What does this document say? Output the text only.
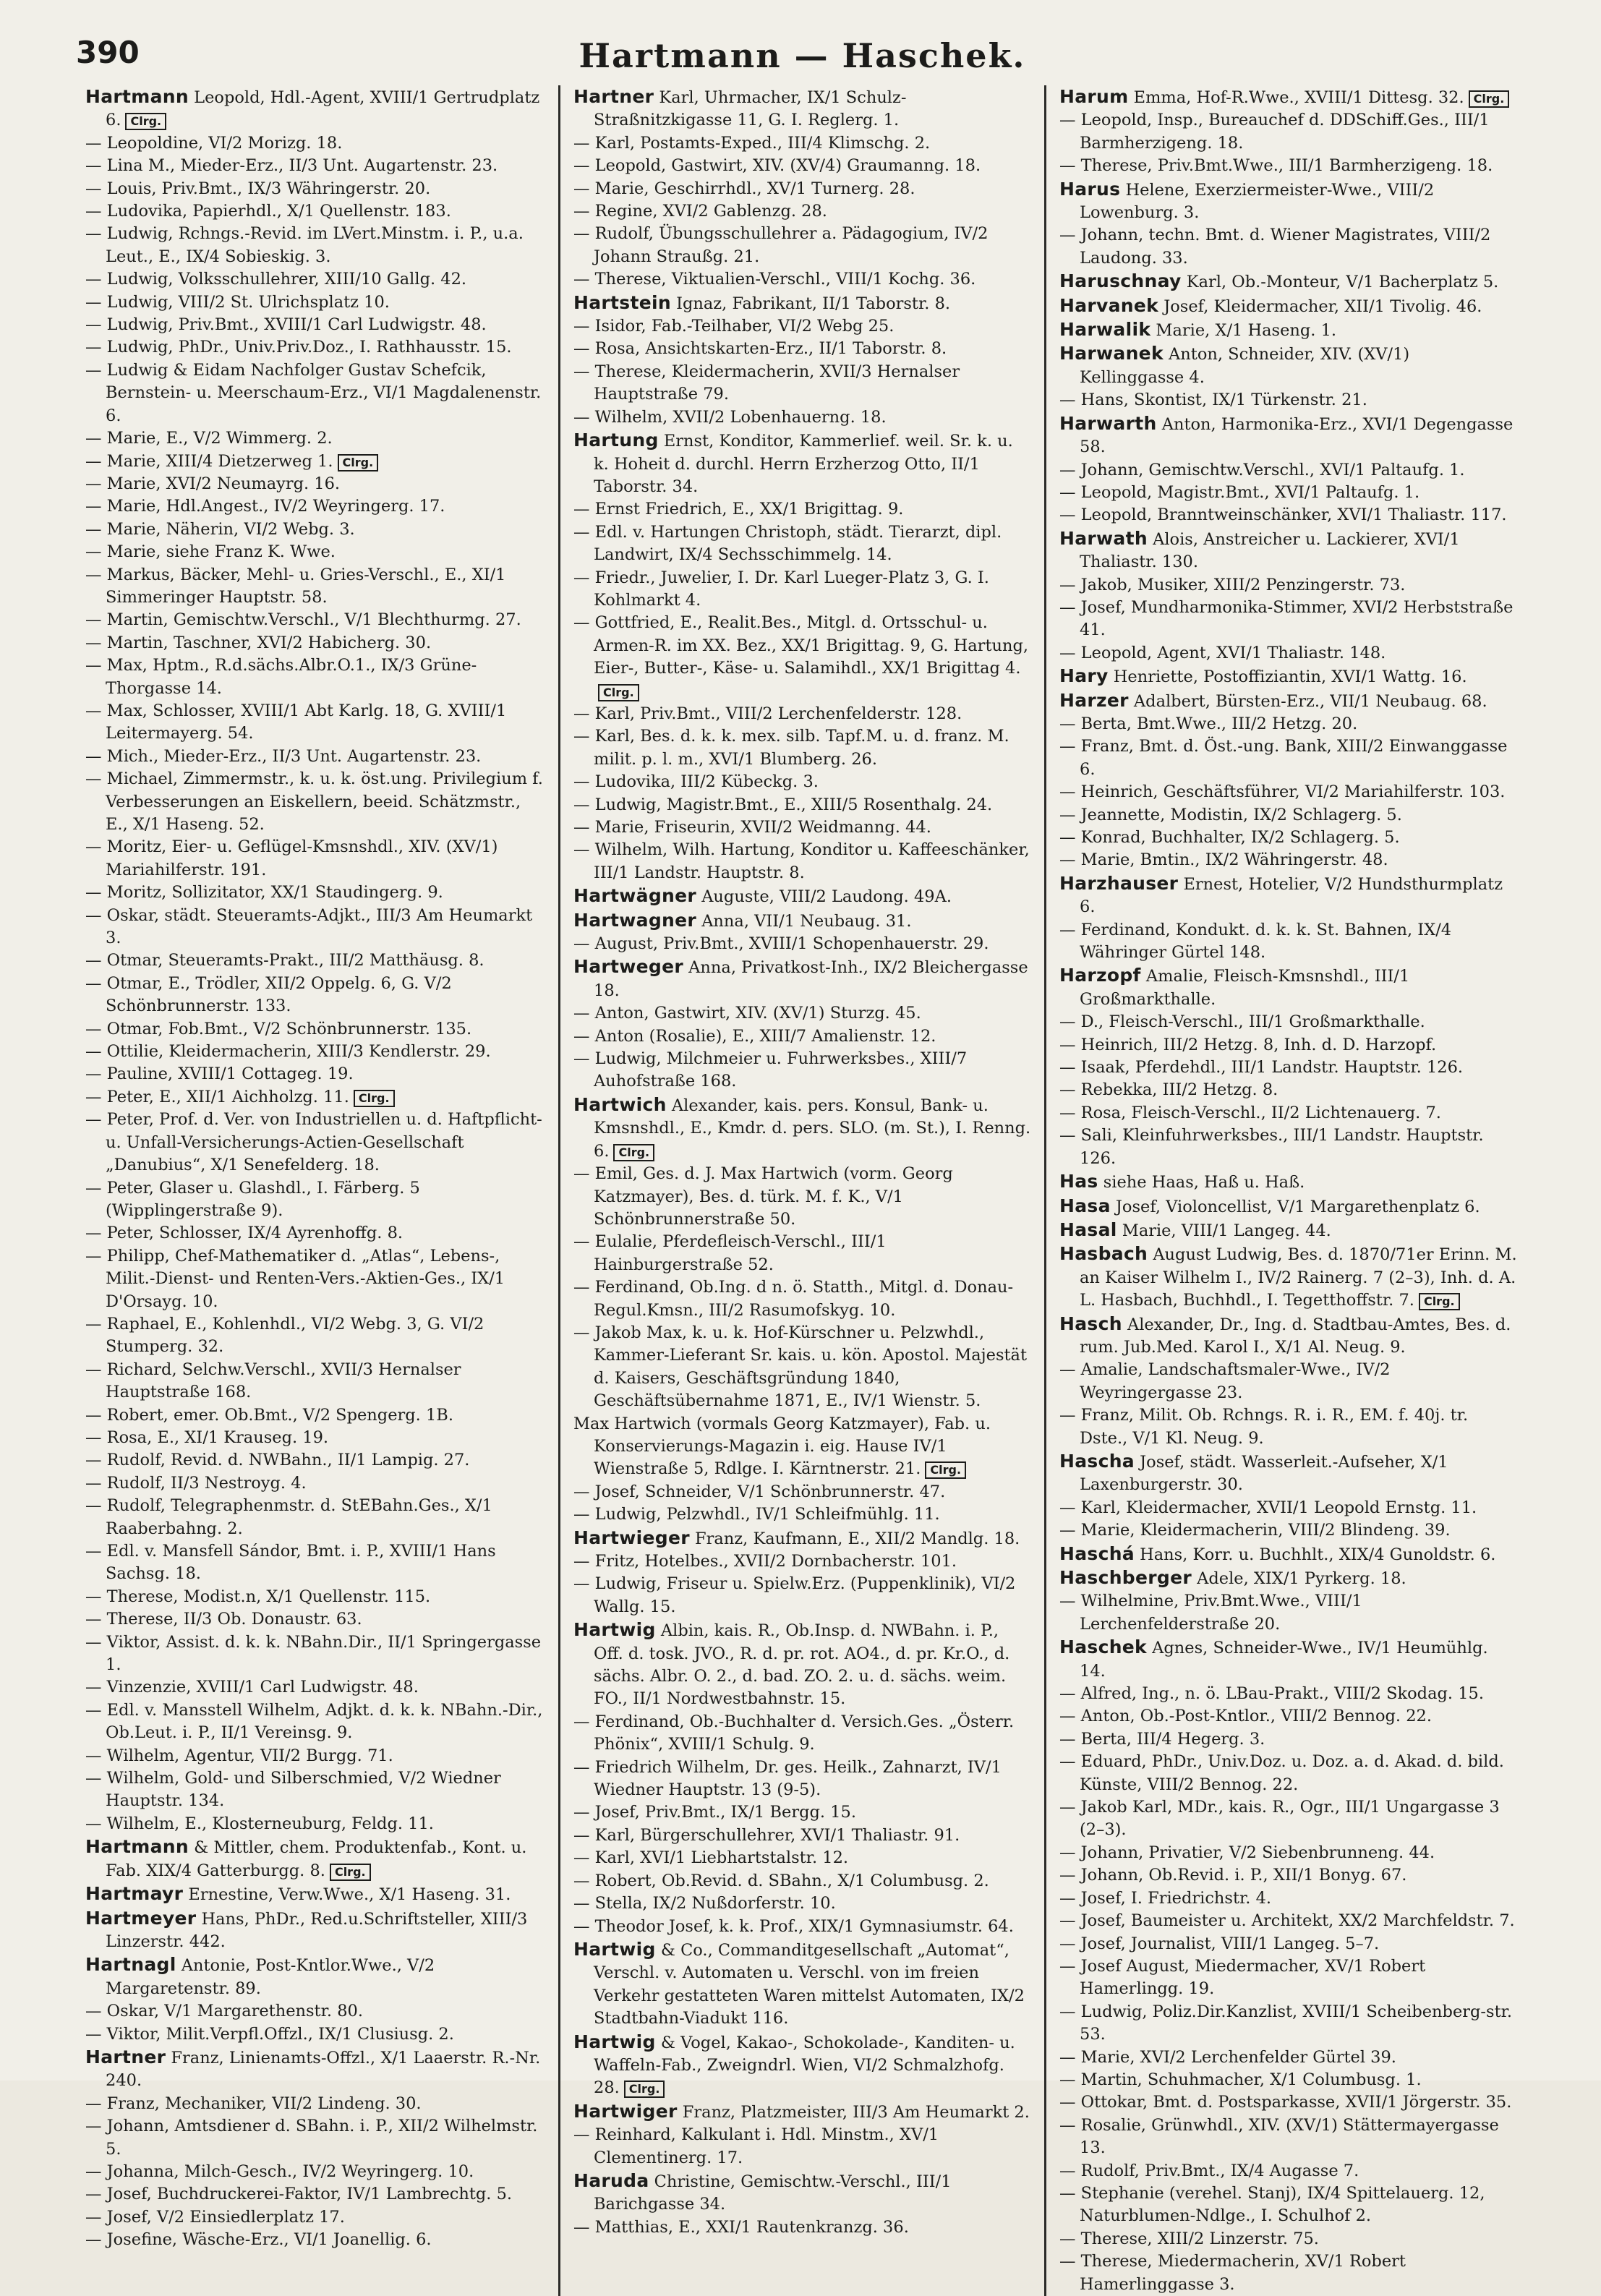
390	Hartmann — Haschek.
Hartmann Leopold, Hdl.-Agent, XVIII/1 Gertrudplatz 6. Clrg.
— Leopoldine, VI/2 Morizg. 18.
— Lina M., Mieder-Erz., II/3 Unt. Augartenstr. 23.
— Louis, Priv.Bmt., IX/3 Währingerstr. 20.
— Ludovika, Papierhdl., X/1 Quellenstr. 183.
— Ludwig, Rchngs.-Revid. im LVert.Minstm. i. P., u.a. Leut., E., IX/4 Sobieskig. 3.
— Ludwig, Volksschullehrer, XIII/10 Gallg. 42.
— Ludwig, VIII/2 St. Ulrichsplatz 10.
— Ludwig, Priv.Bmt., XVIII/1 Carl Ludwigstr. 48.
— Ludwig, PhDr., Univ.Priv.Doz., I. Rathhausstr. 15.
— Ludwig & Eidam Nachfolger Gustav Schefcik, Bernstein- u. Meerschaum-Erz., VI/1 Magdalenenstr. 6.
— Marie, E., V/2 Wimmerg. 2.
— Marie, XIII/4 Dietzerweg 1. Clrg.
— Marie, XVI/2 Neumayrg. 16.
— Marie, Hdl.Angest., IV/2 Weyringerg. 17.
— Marie, Näherin, VI/2 Webg. 3.
— Marie, siehe Franz K. Wwe.
— Markus, Bäcker, Mehl- u. Gries-Verschl., E., XI/1 Simmeringer Hauptstr. 58.
— Martin, Gemischtw.Verschl., V/1 Blechthurmg. 27.
— Martin, Taschner, XVI/2 Habicherg. 30.
— Max, Hptm., R.d.sächs.Albr.O.1., IX/3 Grüne-Thorgasse 14.
— Max, Schlosser, XVIII/1 Abt Karlg. 18, G. XVIII/1 Leitermayerg. 54.
— Mich., Mieder-Erz., II/3 Unt. Augartenstr. 23.
— Michael, Zimmermstr., k. u. k. öst.ung. Privilegium f. Verbesserungen an Eiskellern, beeid. Schätzmstr., E., X/1 Haseng. 52.
— Moritz, Eier- u. Geflügel-Kmsnshdl., XIV. (XV/1) Mariahilferstr. 191.
— Moritz, Sollizitator, XX/1 Staudingerg. 9.
— Oskar, städt. Steueramts-Adjkt., III/3 Am Heumarkt 3.
— Otmar, Steueramts-Prakt., III/2 Matthäusg. 8.
— Otmar, E., Trödler, XII/2 Oppelg. 6, G. V/2 Schönbrunnerstr. 133.
— Otmar, Fob.Bmt., V/2 Schönbrunnerstr. 135.
— Ottilie, Kleidermacherin, XIII/3 Kendlerstr. 29.
— Pauline, XVIII/1 Cottageg. 19.
— Peter, E., XII/1 Aichholzg. 11. Clrg.
— Peter, Prof. d. Ver. von Industriellen u. d. Haftpflicht- u. Unfall-Versicherungs-Actien-Gesellschaft „Danubius“, X/1 Senefelderg. 18.
— Peter, Glaser u. Glashdl., I. Färberg. 5 (Wipplingerstraße 9).
— Peter, Schlosser, IX/4 Ayrenhoffg. 8.
— Philipp, Chef-Mathematiker d. „Atlas“, Lebens-, Milit.-Dienst- und Renten-Vers.-Aktien-Ges., IX/1 D'Orsayg. 10.
— Raphael, E., Kohlenhdl., VI/2 Webg. 3, G. VI/2 Stumperg. 32.
— Richard, Selchw.Verschl., XVII/3 Hernalser Hauptstraße 168.
— Robert, emer. Ob.Bmt., V/2 Spengerg. 1B.
— Rosa, E., XI/1 Krauseg. 19.
— Rudolf, Revid. d. NWBahn., II/1 Lampig. 27.
— Rudolf, II/3 Nestroyg. 4.
— Rudolf, Telegraphenmstr. d. StEBahn.Ges., X/1 Raaberbahng. 2.
— Edl. v. Mansfell Sándor, Bmt. i. P., XVIII/1 Hans Sachsg. 18.
— Therese, Modist.n, X/1 Quellenstr. 115.
— Therese, II/3 Ob. Donaustr. 63.
— Viktor, Assist. d. k. k. NBahn.Dir., II/1 Springergasse 1.
— Vinzenzie, XVIII/1 Carl Ludwigstr. 48.
— Edl. v. Mansstell Wilhelm, Adjkt. d. k. k. NBahn.-Dir., Ob.Leut. i. P., II/1 Vereinsg. 9.
— Wilhelm, Agentur, VII/2 Burgg. 71.
— Wilhelm, Gold- und Silberschmied, V/2 Wiedner Hauptstr. 134.
— Wilhelm, E., Klosterneuburg, Feldg. 11.
Hartmann & Mittler, chem. Produktenfab., Kont. u. Fab. XIX/4 Gatterburgg. 8. Clrg.
Hartmayr Ernestine, Verw.Wwe., X/1 Haseng. 31.
Hartmeyer Hans, PhDr., Red.u.Schriftsteller, XIII/3 Linzerstr. 442.
Hartnagl Antonie, Post-Kntlor.Wwe., V/2 Margaretenstr. 89.
— Oskar, V/1 Margarethenstr. 80.
— Viktor, Milit.Verpfl.Offzl., IX/1 Clusiusg. 2.
Hartner Franz, Linienamts-Offzl., X/1 Laaerstr. R.-Nr. 240.
— Franz, Mechaniker, VII/2 Lindeng. 30.
— Johann, Amtsdiener d. SBahn. i. P., XII/2 Wilhelmstr. 5.
— Johanna, Milch-Gesch., IV/2 Weyringerg. 10.
— Josef, Buchdruckerei-Faktor, IV/1 Lambrechtg. 5.
— Josef, V/2 Einsiedlerplatz 17.
— Josefine, Wäsche-Erz., VI/1 Joanellig. 6.
Hartner Karl, Uhrmacher, IX/1 Schulz-Straßnitzkigasse 11, G. I. Reglerg. 1.
— Karl, Postamts-Exped., III/4 Klimschg. 2.
— Leopold, Gastwirt, XIV. (XV/4) Graumanng. 18.
— Marie, Geschirrhdl., XV/1 Turnerg. 28.
— Regine, XVI/2 Gablenzg. 28.
— Rudolf, Übungsschullehrer a. Pädagogium, IV/2 Johann Straußg. 21.
— Therese, Viktualien-Verschl., VIII/1 Kochg. 36.
Hartstein Ignaz, Fabrikant, II/1 Taborstr. 8.
— Isidor, Fab.-Teilhaber, VI/2 Webg 25.
— Rosa, Ansichtskarten-Erz., II/1 Taborstr. 8.
— Therese, Kleidermacherin, XVII/3 Hernalser Hauptstraße 79.
— Wilhelm, XVII/2 Lobenhauerng. 18.
Hartung Ernst, Konditor, Kammerlief. weil. Sr. k. u. k. Hoheit d. durchl. Herrn Erzherzog Otto, II/1 Taborstr. 34.
— Ernst Friedrich, E., XX/1 Brigittag. 9.
— Edl. v. Hartungen Christoph, städt. Tierarzt, dipl. Landwirt, IX/4 Sechsschimmelg. 14.
— Friedr., Juwelier, I. Dr. Karl Lueger-Platz 3, G. I. Kohlmarkt 4.
— Gottfried, E., Realit.Bes., Mitgl. d. Ortsschul- u. Armen-R. im XX. Bez., XX/1 Brigittag. 9, G. Hartung, Eier-, Butter-, Käse- u. Salamihdl., XX/1 Brigittag 4.Clrg.
— Karl, Priv.Bmt., VIII/2 Lerchenfelderstr. 128.
— Karl, Bes. d. k. k. mex. silb. Tapf.M. u. d. franz. M. milit. p. l. m., XVI/1 Blumberg. 26.
— Ludovika, III/2 Kübeckg. 3.
— Ludwig, Magistr.Bmt., E., XIII/5 Rosenthalg. 24.
— Marie, Friseurin, XVII/2 Weidmanng. 44.
— Wilhelm, Wilh. Hartung, Konditor u. Kaffeeschänker, III/1 Landstr. Hauptstr. 8.
Hartwägner Auguste, VIII/2 Laudong. 49A.
Hartwagner Anna, VII/1 Neubaug. 31.
— August, Priv.Bmt., XVIII/1 Schopenhauerstr. 29.
Hartweger Anna, Privatkost-Inh., IX/2 Bleichergasse 18.
— Anton, Gastwirt, XIV. (XV/1) Sturzg. 45.
— Anton (Rosalie), E., XIII/7 Amalienstr. 12.
— Ludwig, Milchmeier u. Fuhrwerksbes., XIII/7 Auhofstraße 168.
Hartwich Alexander, kais. pers. Konsul, Bank- u. Kmsnshdl., E., Kmdr. d. pers. SLO. (m. St.), I. Renng. 6. Clrg.
— Emil, Ges. d. J. Max Hartwich (vorm. Georg Katzmayer), Bes. d. türk. M. f. K., V/1 Schönbrunnerstraße 50.
— Eulalie, Pferdefleisch-Verschl., III/1 Hainburgerstraße 52.
— Ferdinand, Ob.Ing. d n. ö. Statth., Mitgl. d. Donau-Regul.Kmsn., III/2 Rasumofskyg. 10.
— Jakob Max, k. u. k. Hof-Kürschner u. Pelzwhdl., Kammer-Lieferant Sr. kais. u. kön. Apostol. Majestät d. Kaisers, Geschäftsgründung 1840, Geschäftsübernahme 1871, E., IV/1 Wienstr. 5.
Max Hartwich (vormals Georg Katzmayer), Fab. u. Konservierungs-Magazin i. eig. Hause IV/1 Wienstraße 5, Rdlge. I. Kärntnerstr. 21. Clrg.
— Josef, Schneider, V/1 Schönbrunnerstr. 47.
— Ludwig, Pelzwhdl., IV/1 Schleifmühlg. 11.
Hartwieger Franz, Kaufmann, E., XII/2 Mandlg. 18.
— Fritz, Hotelbes., XVII/2 Dornbacherstr. 101.
— Ludwig, Friseur u. Spielw.Erz. (Puppenklinik), VI/2 Wallg. 15.
Hartwig Albin, kais. R., Ob.Insp. d. NWBahn. i. P., Off. d. tosk. JVO., R. d. pr. rot. AO4., d. pr. Kr.O., d. sächs. Albr. O. 2., d. bad. ZO. 2. u. d. sächs. weim. FO., II/1 Nordwestbahnstr. 15.
— Ferdinand, Ob.-Buchhalter d. Versich.Ges. „Österr. Phönix“, XVIII/1 Schulg. 9.
— Friedrich Wilhelm, Dr. ges. Heilk., Zahnarzt, IV/1 Wiedner Hauptstr. 13 (9-5).
— Josef, Priv.Bmt., IX/1 Bergg. 15.
— Karl, Bürgerschullehrer, XVI/1 Thaliastr. 91.
— Karl, XVI/1 Liebhartstalstr. 12.
— Robert, Ob.Revid. d. SBahn., X/1 Columbusg. 2.
— Stella, IX/2 Nußdorferstr. 10.
— Theodor Josef, k. k. Prof., XIX/1 Gymnasiumstr. 64.
Hartwig & Co., Commanditgesellschaft „Automat“, Verschl. v. Automaten u. Verschl. von im freien Verkehr gestatteten Waren mittelst Automaten, IX/2 Stadtbahn-Viadukt 116.
Hartwig & Vogel, Kakao-, Schokolade-, Kanditen- u. Waffeln-Fab., Zweigndrl. Wien, VI/2 Schmalzhofg. 28. Clrg.
Hartwiger Franz, Platzmeister, III/3 Am Heumarkt 2.
— Reinhard, Kalkulant i. Hdl. Minstm., XV/1 Clementinerg. 17.
Haruda Christine, Gemischtw.-Verschl., III/1 Barichgasse 34.
— Matthias, E., XXI/1 Rautenkranzg. 36.
Harum Emma, Hof-R.Wwe., XVIII/1 Dittesg. 32. Clrg.
— Leopold, Insp., Bureauchef d. DDSchiff.Ges., III/1 Barmherzigeng. 18.
— Therese, Priv.Bmt.Wwe., III/1 Barmherzigeng. 18.
Harus Helene, Exerziermeister-Wwe., VIII/2 Lowenburg. 3.
— Johann, techn. Bmt. d. Wiener Magistrates, VIII/2 Laudong. 33.
Haruschnay Karl, Ob.-Monteur, V/1 Bacherplatz 5.
Harvanek Josef, Kleidermacher, XII/1 Tivolig. 46.
Harwalik Marie, X/1 Haseng. 1.
Harwanek Anton, Schneider, XIV. (XV/1) Kellinggasse 4.
— Hans, Skontist, IX/1 Türkenstr. 21.
Harwarth Anton, Harmonika-Erz., XVI/1 Degengasse 58.
— Johann, Gemischtw.Verschl., XVI/1 Paltaufg. 1.
— Leopold, Magistr.Bmt., XVI/1 Paltaufg. 1.
— Leopold, Branntweinschänker, XVI/1 Thaliastr. 117.
Harwath Alois, Anstreicher u. Lackierer, XVI/1 Thaliastr. 130.
— Jakob, Musiker, XIII/2 Penzingerstr. 73.
— Josef, Mundharmonika-Stimmer, XVI/2 Herbststraße 41.
— Leopold, Agent, XVI/1 Thaliastr. 148.
Hary Henriette, Postoffiziantin, XVI/1 Wattg. 16.
Harzer Adalbert, Bürsten-Erz., VII/1 Neubaug. 68.
— Berta, Bmt.Wwe., III/2 Hetzg. 20.
— Franz, Bmt. d. Öst.-ung. Bank, XIII/2 Einwanggasse 6.
— Heinrich, Geschäftsführer, VI/2 Mariahilferstr. 103.
— Jeannette, Modistin, IX/2 Schlagerg. 5.
— Konrad, Buchhalter, IX/2 Schlagerg. 5.
— Marie, Bmtin., IX/2 Währingerstr. 48.
Harzhauser Ernest, Hotelier, V/2 Hundsthurmplatz 6.
— Ferdinand, Kondukt. d. k. k. St. Bahnen, IX/4 Währinger Gürtel 148.
Harzopf Amalie, Fleisch-Kmsnshdl., III/1 Großmarkthalle.
— D., Fleisch-Verschl., III/1 Großmarkthalle.
— Heinrich, III/2 Hetzg. 8, Inh. d. D. Harzopf.
— Isaak, Pferdehdl., III/1 Landstr. Hauptstr. 126.
— Rebekka, III/2 Hetzg. 8.
— Rosa, Fleisch-Verschl., II/2 Lichtenauerg. 7.
— Sali, Kleinfuhrwerksbes., III/1 Landstr. Hauptstr. 126.
Has siehe Haas, Haß u. Haß.
Hasa Josef, Violoncellist, V/1 Margarethenplatz 6.
Hasal Marie, VIII/1 Langeg. 44.
Hasbach August Ludwig, Bes. d. 1870/71er Erinn. M. an Kaiser Wilhelm I., IV/2 Rainerg. 7 (2–3), Inh. d. A. L. Hasbach, Buchhdl., I. Tegetthoffstr. 7. Clrg.
Hasch Alexander, Dr., Ing. d. Stadtbau-Amtes, Bes. d. rum. Jub.Med. Karol I., X/1 Al. Neug. 9.
— Amalie, Landschaftsmaler-Wwe., IV/2 Weyringergasse 23.
— Franz, Milit. Ob. Rchngs. R. i. R., EM. f. 40j. tr. Dste., V/1 Kl. Neug. 9.
Hascha Josef, städt. Wasserleit.-Aufseher, X/1 Laxenburgerstr. 30.
— Karl, Kleidermacher, XVII/1 Leopold Ernstg. 11.
— Marie, Kleidermacherin, VIII/2 Blindeng. 39.
Haschá Hans, Korr. u. Buchhlt., XIX/4 Gunoldstr. 6.
Haschberger Adele, XIX/1 Pyrkerg. 18.
— Wilhelmine, Priv.Bmt.Wwe., VIII/1 Lerchenfelderstraße 20.
Haschek Agnes, Schneider-Wwe., IV/1 Heumühlg. 14.
— Alfred, Ing., n. ö. LBau-Prakt., VIII/2 Skodag. 15.
— Anton, Ob.-Post-Kntlor., VIII/2 Bennog. 22.
— Berta, III/4 Hegerg. 3.
— Eduard, PhDr., Univ.Doz. u. Doz. a. d. Akad. d. bild. Künste, VIII/2 Bennog. 22.
— Jakob Karl, MDr., kais. R., Ogr., III/1 Ungargasse 3 (2–3).
— Johann, Privatier, V/2 Siebenbrunneng. 44.
— Johann, Ob.Revid. i. P., XII/1 Bonyg. 67.
— Josef, I. Friedrichstr. 4.
— Josef, Baumeister u. Architekt, XX/2 Marchfeldstr. 7.
— Josef, Journalist, VIII/1 Langeg. 5–7.
— Josef August, Miedermacher, XV/1 Robert Hamerlingg. 19.
— Ludwig, Poliz.Dir.Kanzlist, XVIII/1 Scheibenberg-str. 53.
— Marie, XVI/2 Lerchenfelder Gürtel 39.
— Martin, Schuhmacher, X/1 Columbusg. 1.
— Ottokar, Bmt. d. Postsparkasse, XVII/1 Jörgerstr. 35.
— Rosalie, Grünwhdl., XIV. (XV/1) Stättermayergasse 13.
— Rudolf, Priv.Bmt., IX/4 Augasse 7.
— Stephanie (verehel. Stanj), IX/4 Spittelauerg. 12, Naturblumen-Ndlge., I. Schulhof 2.
— Therese, XIII/2 Linzerstr. 75.
— Therese, Miedermacherin, XV/1 Robert Hamerlinggasse 3.
